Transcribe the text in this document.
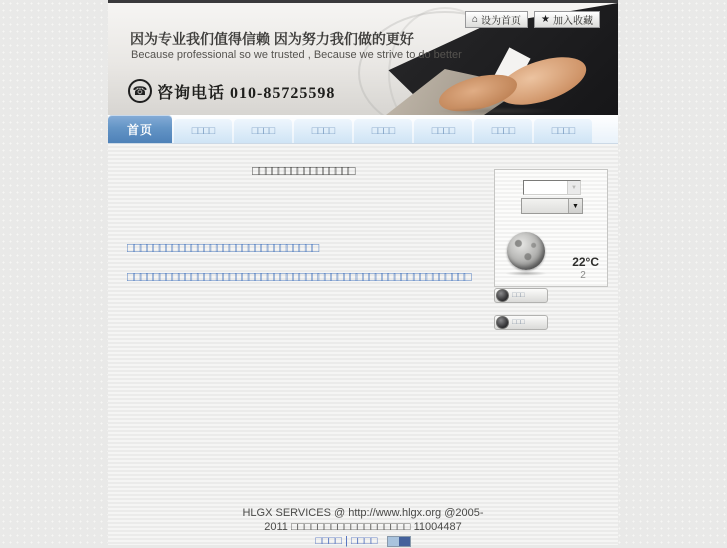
⌂ 设为首页 ★ 加入收藏
因为专业我们值得信赖 因为努力我们做的更好
Because professional so we trusted , Because we strive to do better
☎ 咨询电话 010-85725598
首页	□□□□	□□□□	□□□□	□□□□	□□□□	□□□□	□□□□

□□□□□□□□□□□□□□□□

□□□□□□□□□□□□□□□□□□□□□□□□□□□□□□

□□□□□□□□□□□□□□□□□□□□□□□□□□□□□□□□□□□□□□□□□□□□□□□□□□□□□□

▼
▼
22°C
2
□□□
□□□
HLGX SERVICES @ http://www.hlgx.org @2005-
2011 □□□□□□□□□□□□□□□□□□ 11004487
□□□□ | □□□□
